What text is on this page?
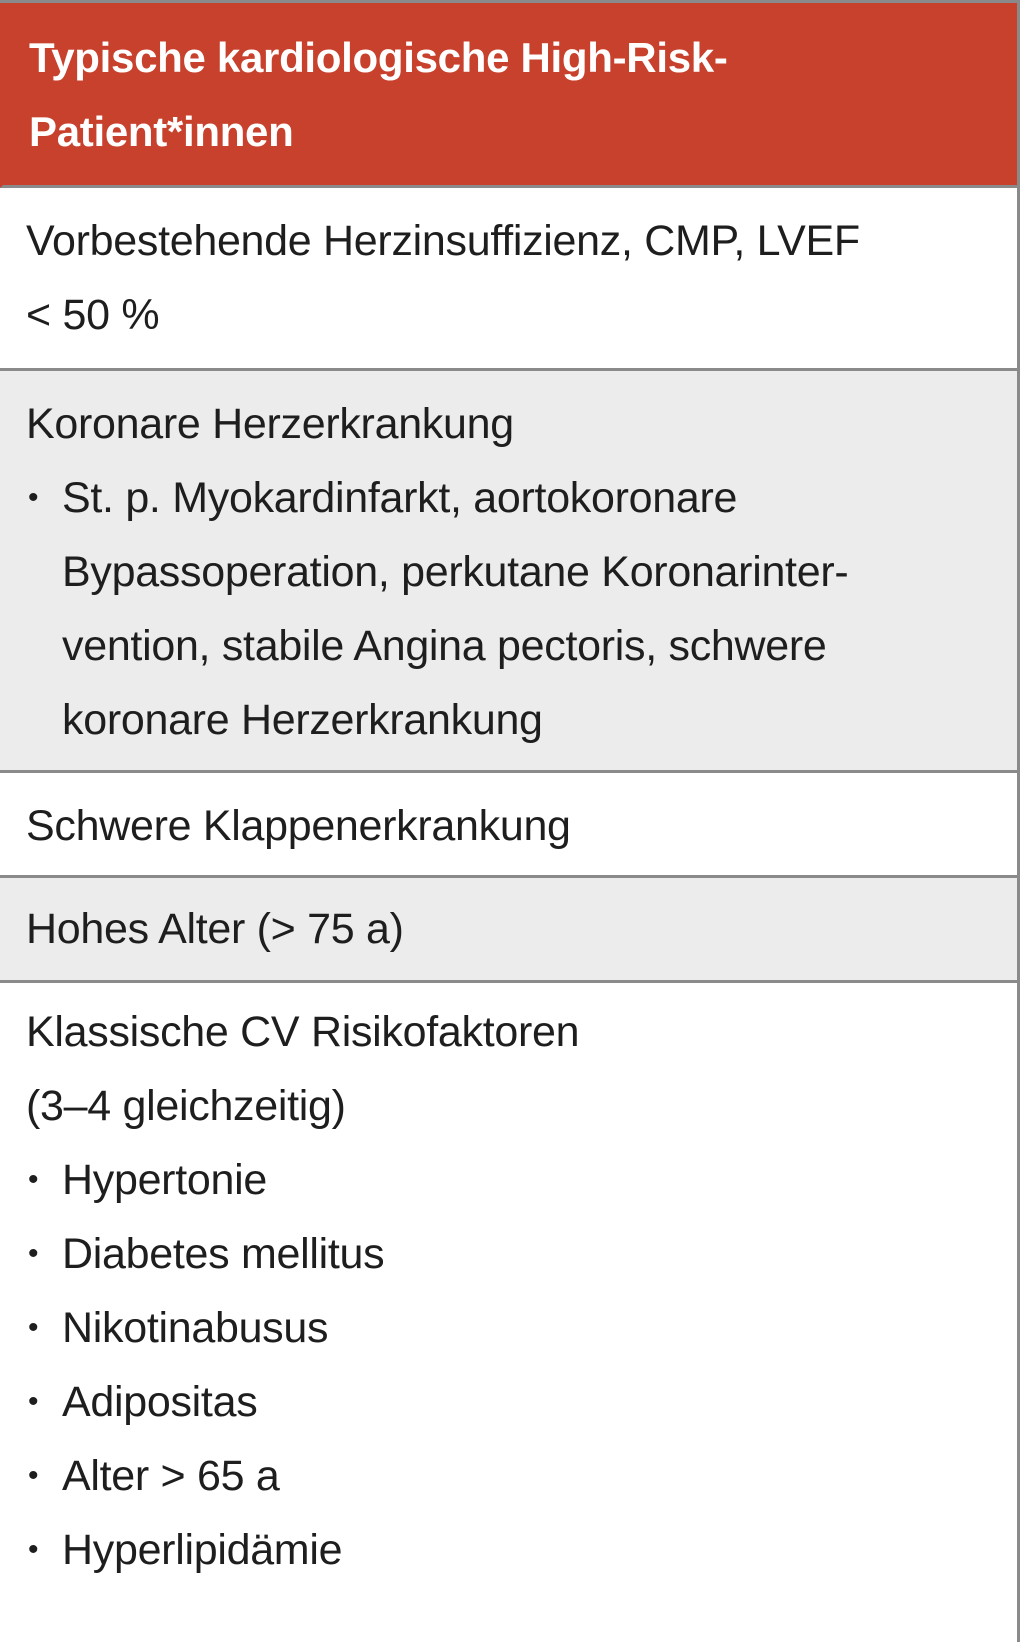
Typische kardiologische High-Risk-
Patient*innen
Vorbestehende Herzinsuffizienz, CMP, LVEF
< 50 %
Koronare Herzerkrankung
• St. p. Myokardinfarkt, aortokoronare
Bypassoperation, perkutane Koronarinter-
vention, stabile Angina pectoris, schwere
koronare Herzerkrankung
Schwere Klappenerkrankung
Hohes Alter (> 75 a)
Klassische CV Risikofaktoren
(3–4 gleichzeitig)
• Hypertonie
• Diabetes mellitus
• Nikotinabusus
• Adipositas
• Alter > 65 a
• Hyperlipidämie
